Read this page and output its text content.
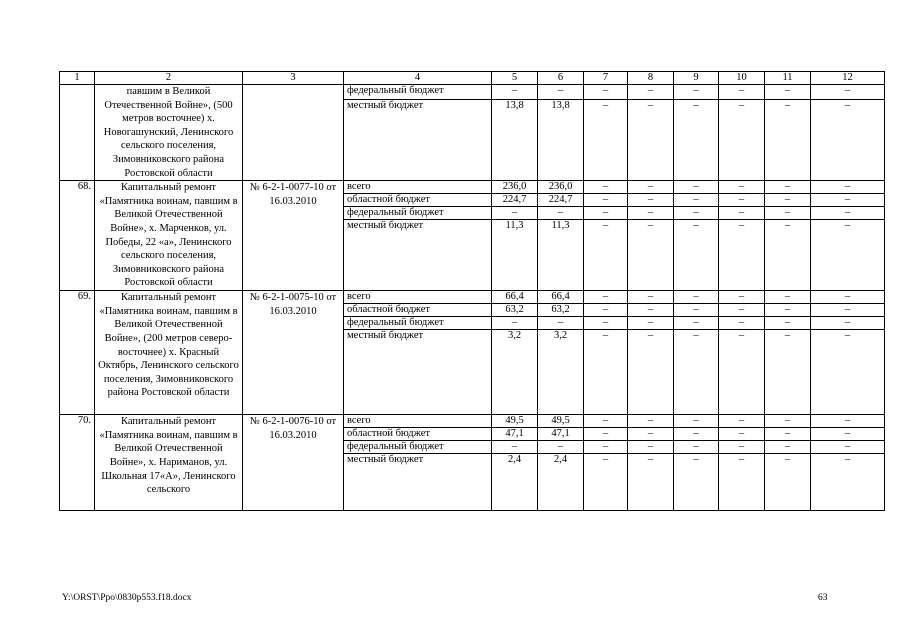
1	2	3	4	5	6	7	8	9	10	11	12
	павшим в Великой Отечественной Войне», (500 метров восточнее) х. Новогашунский, Ленинского сельского поселения, Зимовниковского района Ростовской области		федеральный бюджет	–	–	–	–	–	–	–	–
			местный бюджет	13,8	13,8	–	–	–	–	–	–
68.	Капитальный ремонт «Памятника воинам, павшим в Великой Отечественной Войне», х. Марченков, ул. Победы, 22 «а», Ленинского сельского поселения, Зимовниковского района Ростовской области	№ 6-2-1-0077-10 от 16.03.2010	всего	236,0	236,0	–	–	–	–	–	–
			областной бюджет	224,7	224,7	–	–	–	–	–	–
			федеральный бюджет	–	–	–	–	–	–	–	–
			местный бюджет	11,3	11,3	–	–	–	–	–	–
69.	Капитальный ремонт «Памятника воинам, павшим в Великой Отечественной Войне», (200 метров северо-восточнее) х. Красный Октябрь, Ленинского сельского поселения, Зимовниковского района Ростовской области	№ 6-2-1-0075-10 от 16.03.2010	всего	66,4	66,4	–	–	–	–	–	–
			областной бюджет	63,2	63,2	–	–	–	–	–	–
			федеральный бюджет	–	–	–	–	–	–	–	–
			местный бюджет	3,2	3,2	–	–	–	–	–	–
70.	Капитальный ремонт «Памятника воинам, павшим в Великой Отечественной Войне», х. Нариманов, ул. Школьная 17«А», Ленинского сельского	№ 6-2-1-0076-10 от 16.03.2010	всего	49,5	49,5	–	–	–	–	–	–
			областной бюджет	47,1	47,1	–	–	–	–	–	–
			федеральный бюджет	–	–	–	–	–	–	–	–
			местный бюджет	2,4	2,4	–	–	–	–	–	–
Y:\ORST\Ppo\0830p553.f18.docx	63
